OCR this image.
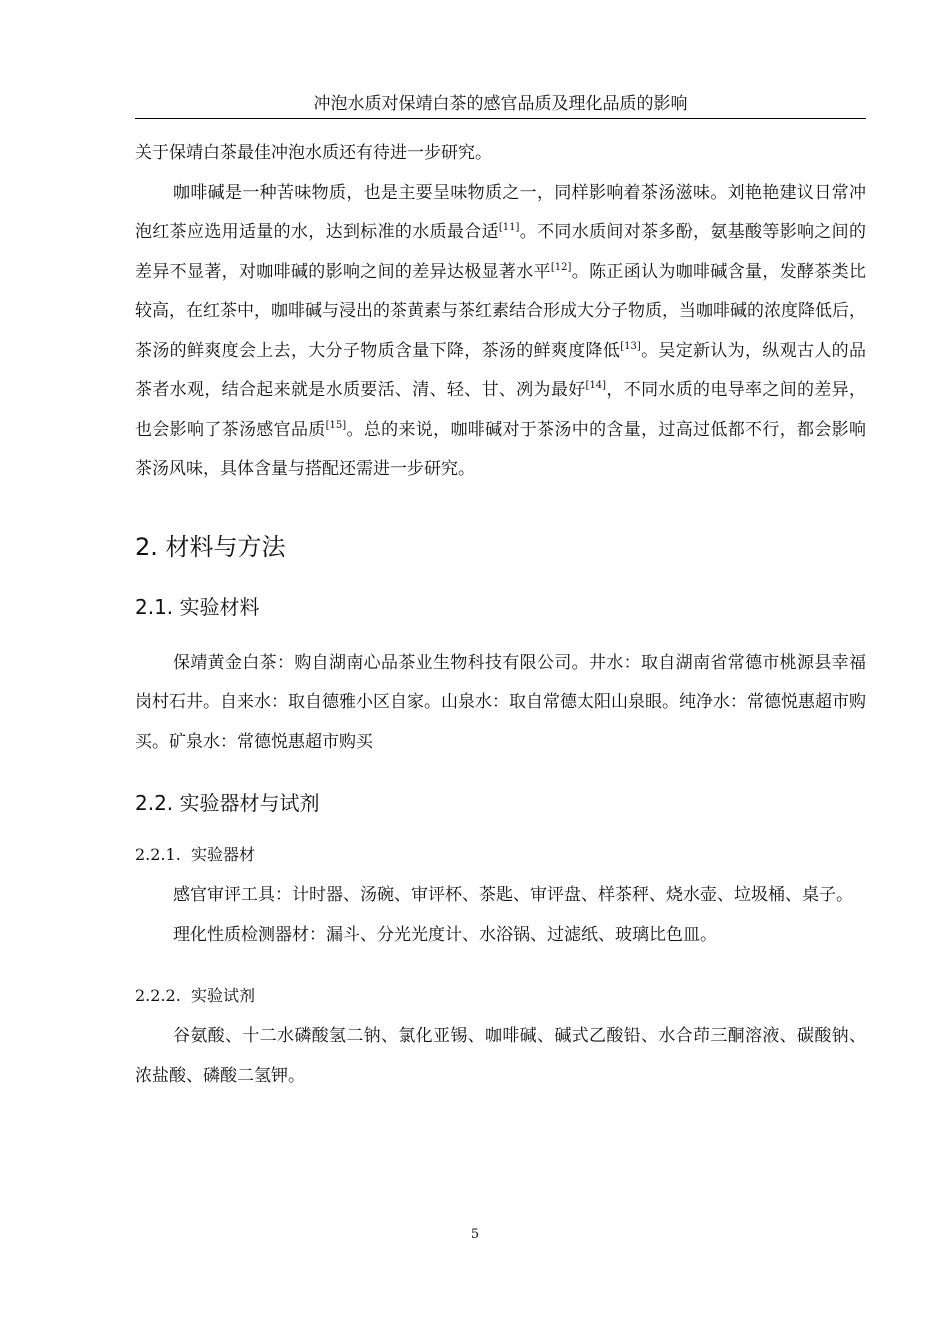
冲泡水质对保靖白茶的感官品质及理化品质的影响

关于保靖白茶最佳冲泡水质还有待进一步研究。

咖啡碱是一种苦味物质，也是主要呈味物质之一，同样影响着茶汤滋味。刘艳艳建议日常冲泡红茶应选用适量的水，达到标准的水质最合适[11]。不同水质间对茶多酚，氨基酸等影响之间的差异不显著，对咖啡碱的影响之间的差异达极显著水平[12]。陈正函认为咖啡碱含量，发酵茶类比较高，在红茶中，咖啡碱与浸出的茶黄素与茶红素结合形成大分子物质，当咖啡碱的浓度降低后，茶汤的鲜爽度会上去，大分子物质含量下降，茶汤的鲜爽度降低[13]。吴定新认为，纵观古人的品茶者水观，结合起来就是水质要活、清、轻、甘、冽为最好[14]，不同水质的电导率之间的差异，也会影响了茶汤感官品质[15]。总的来说，咖啡碱对于茶汤中的含量，过高过低都不行，都会影响茶汤风味，具体含量与搭配还需进一步研究。

2. 材料与方法
2.1. 实验材料

保靖黄金白茶：购自湖南心品茶业生物科技有限公司。井水：取自湖南省常德市桃源县幸福岗村石井。自来水：取自德雅小区自家。山泉水：取自常德太阳山泉眼。纯净水：常德悦惠超市购买。矿泉水：常德悦惠超市购买

2.2. 实验器材与试剂
2.2.1. 实验器材

感官审评工具：计时器、汤碗、审评杯、茶匙、审评盘、样茶秤、烧水壶、垃圾桶、桌子。

理化性质检测器材：漏斗、分光光度计、水浴锅、过滤纸、玻璃比色皿。

2.2.2. 实验试剂

谷氨酸、十二水磷酸氢二钠、氯化亚锡、咖啡碱、碱式乙酸铅、水合茚三酮溶液、碳酸钠、浓盐酸、磷酸二氢钾。

5
